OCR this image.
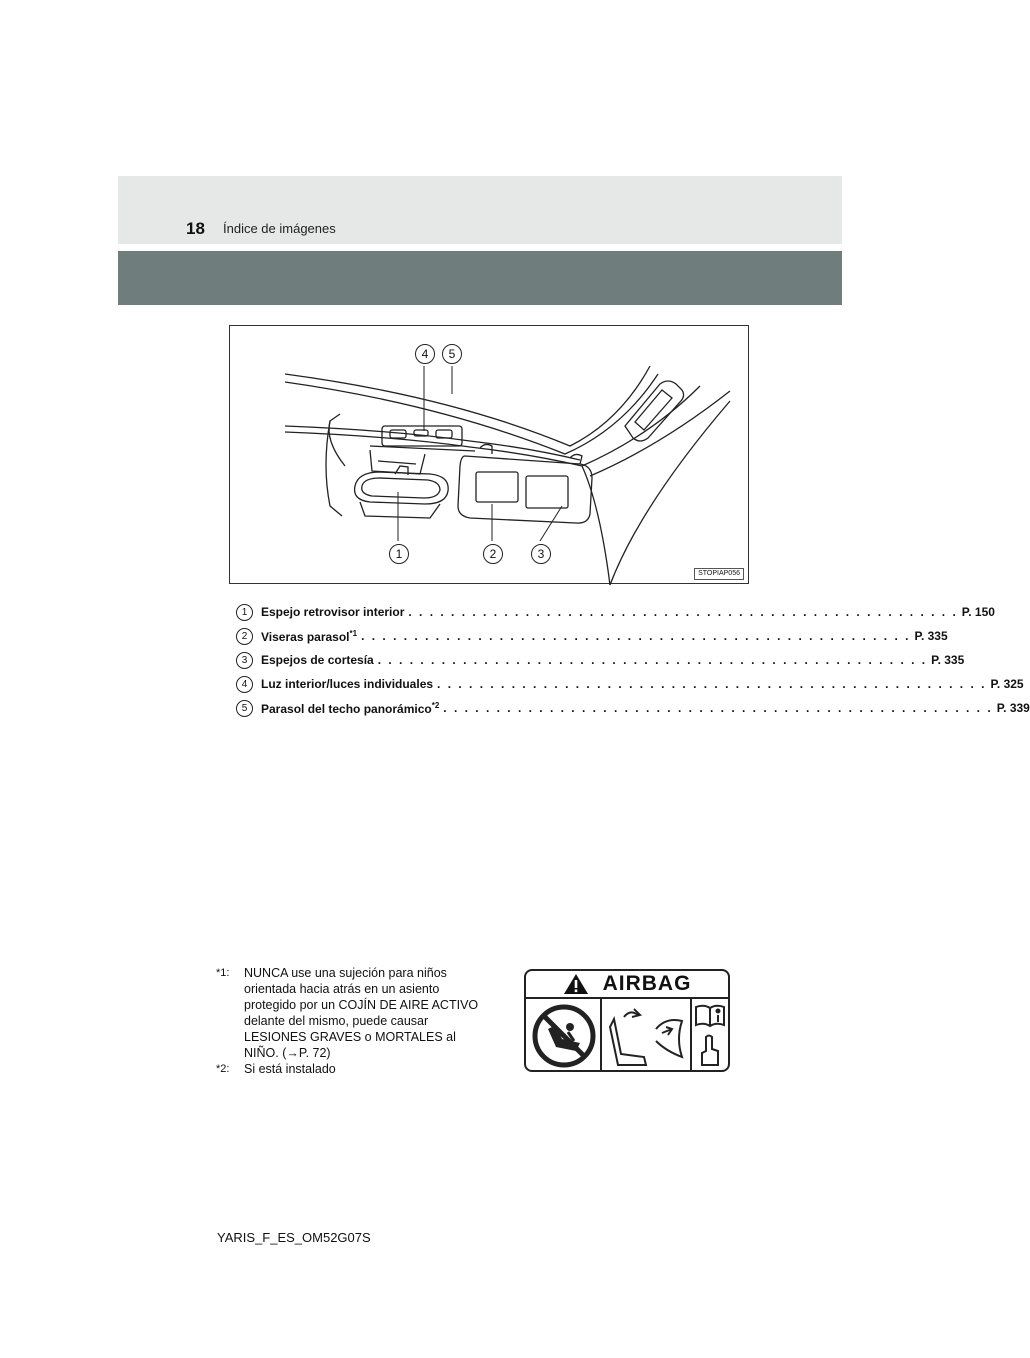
18 Índice de imágenes
4	5
1	2	3
STOPIAP056
1	Espejo retrovisor interior . . . . . . . . . . . . . . . . . . . . . . . . . . . . . . . . . . . . . . . . . . . . . . . . . . . . P. 150
2	Viseras parasol$^{*1}$ . . . . . . . . . . . . . . . . . . . . . . . . . . . . . . . . . . . . . . . . . . . . . . . . . . . . P. 335
3	Espejos de cortesía . . . . . . . . . . . . . . . . . . . . . . . . . . . . . . . . . . . . . . . . . . . . . . . . . . . . P. 335
4	Luz interior/luces individuales . . . . . . . . . . . . . . . . . . . . . . . . . . . . . . . . . . . . . . . . . . . . . . . . . . . . P. 325
5	Parasol del techo panorámico$^{*2}$ . . . . . . . . . . . . . . . . . . . . . . . . . . . . . . . . . . . . . . . . . . . . . . . . . . . . P. 339
*1:	NUNCA use una sujeción para niños
orientada hacia atrás en un asiento
protegido por un COJÍN DE AIRE ACTIVO
delante del mismo, puede causar
LESIONES GRAVES o MORTALES al
NIÑO. (→P. 72)
*2:	Si está instalado
AIRBAG
YARIS_F_ES_OM52G07S
